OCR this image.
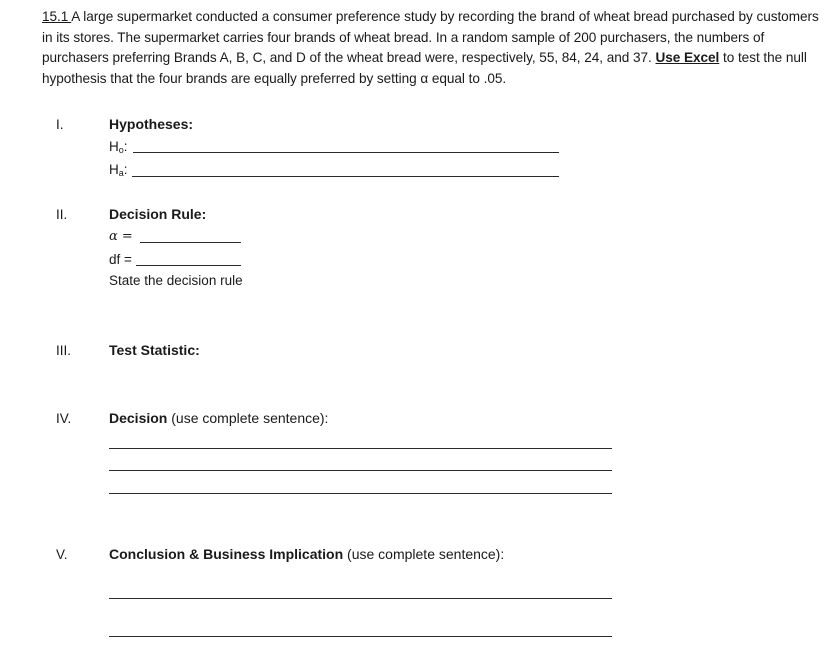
15.1 A large supermarket conducted a consumer preference study by recording the brand of wheat bread purchased by customers in its stores. The supermarket carries four brands of wheat bread. In a random sample of 200 purchasers, the numbers of purchasers preferring Brands A, B, C, and D of the wheat bread were, respectively, 55, 84, 24, and 37. Use Excel to test the null hypothesis that the four brands are equally preferred by setting α equal to .05.
I.	Hypotheses:
$H_o$:
$H_a$:
II.	Decision Rule:
α =
df =
State the decision rule
III.	Test Statistic:
IV.	Decision (use complete sentence):
V.	Conclusion & Business Implication (use complete sentence):
